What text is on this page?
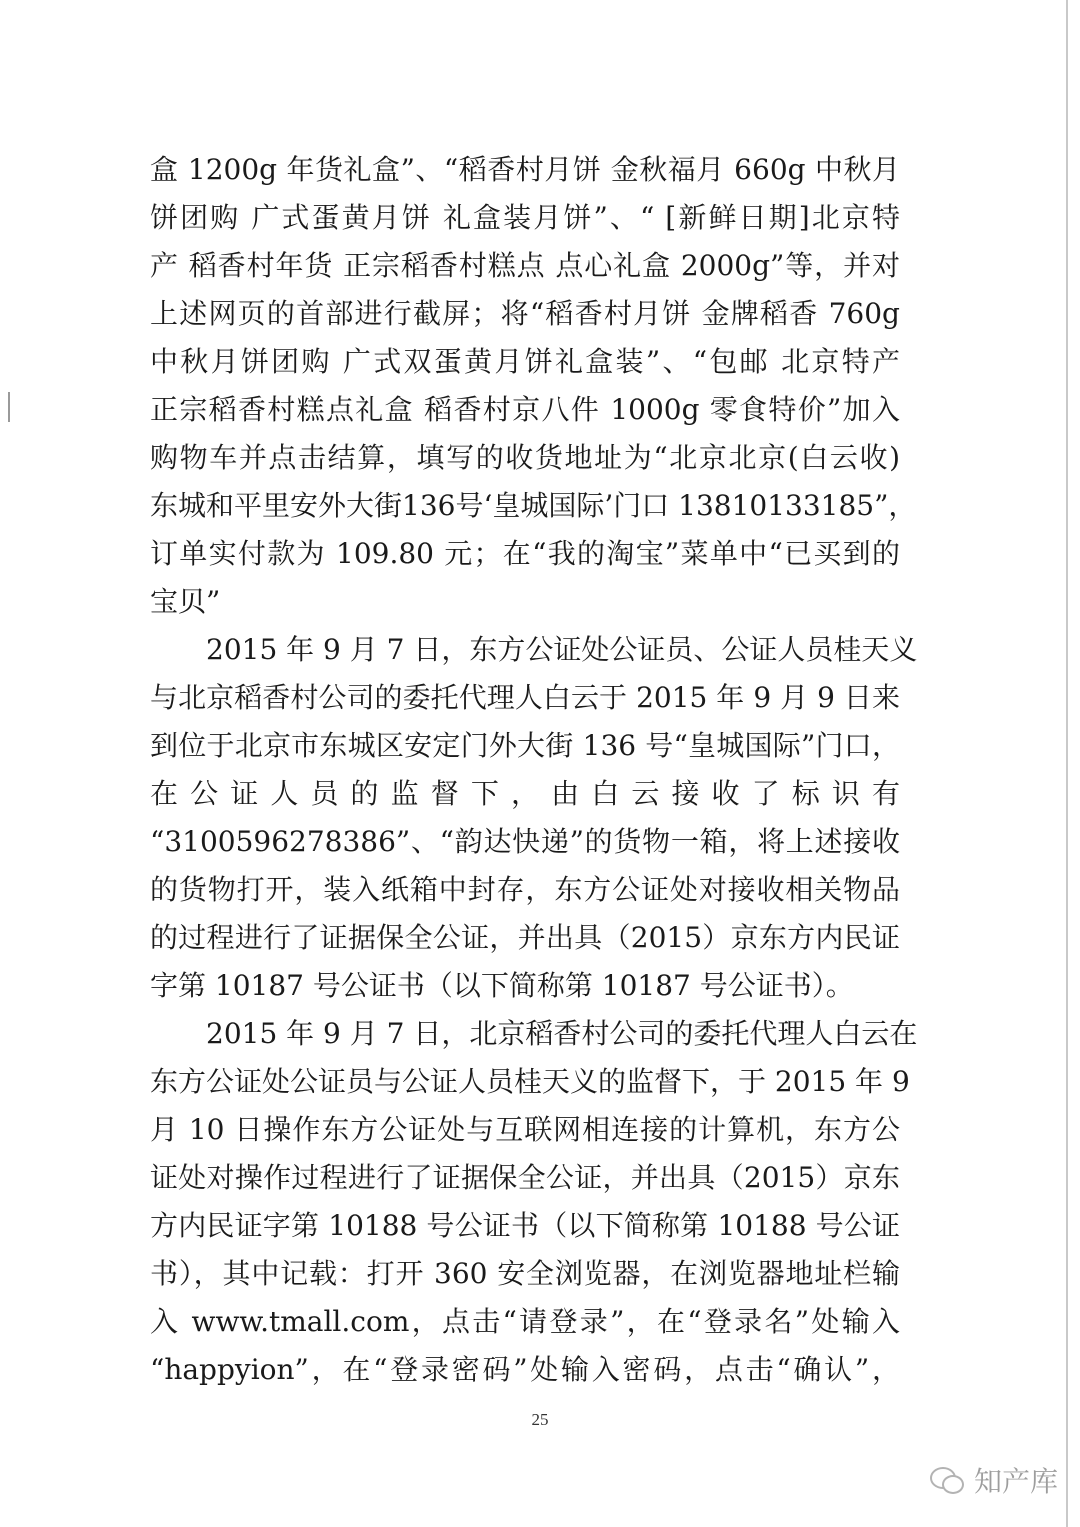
盒 1200g 年货礼盒”、“稻香村月饼 金秋福月 660g 中秋月
饼团购 广式蛋黄月饼 礼盒装月饼”、“ [新鲜日期]北京特
产 稻香村年货 正宗稻香村糕点 点心礼盒 2000g”等，并对
上述网页的首部进行截屏；将“稻香村月饼 金牌稻香 760g
中秋月饼团购 广式双蛋黄月饼礼盒装”、“包邮 北京特产
正宗稻香村糕点礼盒 稻香村京八件 1000g 零食特价”加入
购物车并点击结算，填写的收货地址为“北京北京(白云收)
东城和平里安外大街136号‘皇城国际’门口 13810133185”，
订单实付款为 109.80 元；在“我的淘宝”菜单中“已买到的
宝贝”
2015 年 9 月 7 日，东方公证处公证员、公证人员桂天义
与北京稻香村公司的委托代理人白云于 2015 年 9 月 9 日来
到位于北京市东城区安定门外大街 136 号“皇城国际”门口，
在 公 证 人 员 的 监 督 下 ， 由 白 云 接 收 了 标 识 有
“3100596278386”、“韵达快递”的货物一箱，将上述接收
的货物打开，装入纸箱中封存，东方公证处对接收相关物品
的过程进行了证据保全公证，并出具（2015）京东方内民证
字第 10187 号公证书（以下简称第 10187 号公证书）。
2015 年 9 月 7 日，北京稻香村公司的委托代理人白云在
东方公证处公证员与公证人员桂天义的监督下，于 2015 年 9
月 10 日操作东方公证处与互联网相连接的计算机，东方公
证处对操作过程进行了证据保全公证，并出具（2015）京东
方内民证字第 10188 号公证书（以下简称第 10188 号公证
书），其中记载：打开 360 安全浏览器，在浏览器地址栏输
入 www.tmall.com，点击“请登录”，在“登录名”处输入
“happyion”，在“登录密码”处输入密码，点击“确认”，
25
知产库
